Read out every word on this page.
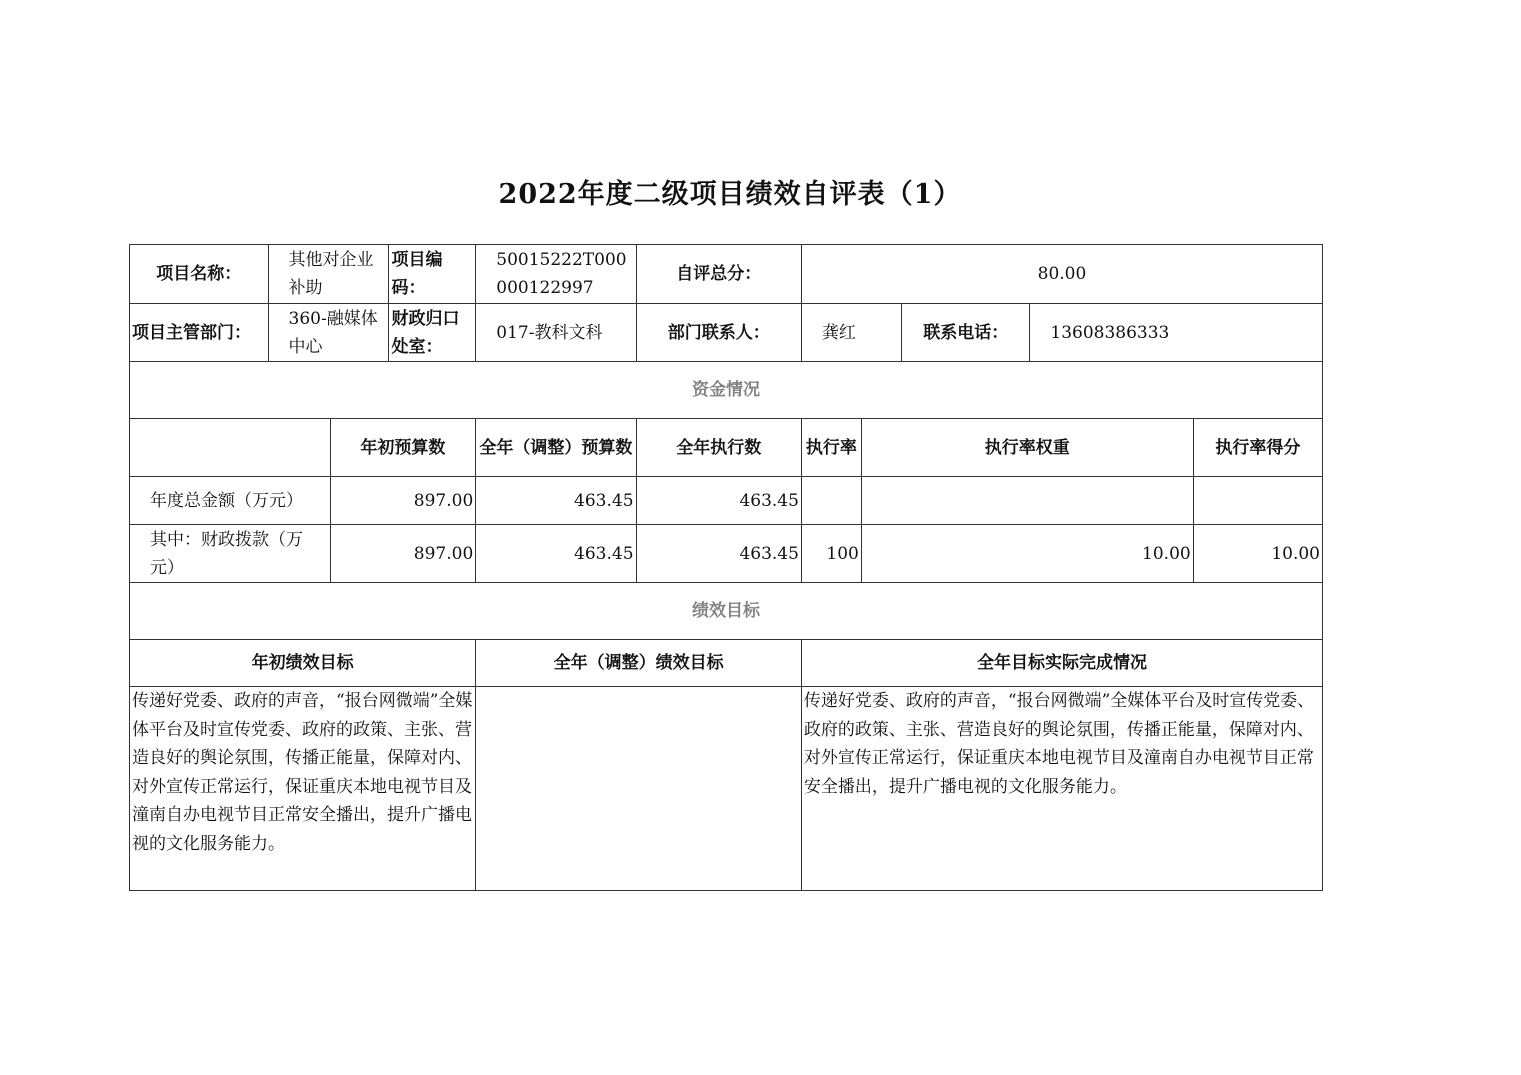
2022年度二级项目绩效自评表（1）
项目名称：	其他对企业补助		项目编码：	50015222T000000122997	自评总分：	80.00				
项目主管部门：	360-融媒体中心		财政归口处室：	017-教科文科	部门联系人：	龚红		联系电话：	13608386333	
资金情况										
		年初预算数		全年（调整）预算数	全年执行数	执行率	执行率权重			执行率得分
年度总金额（万元）		897.00		463.45	463.45					
其中：财政拨款（万元）		897.00		463.45	463.45	100	10.00			10.00
绩效目标										
年初绩效目标				全年（调整）绩效目标		全年目标实际完成情况				
传递好党委、政府的声音，“报台网微端”全媒体平台及时宣传党委、政府的政策、主张、营造良好的舆论氛围，传播正能量，保障对内、对外宣传正常运行，保证重庆本地电视节目及潼南自办电视节目正常安全播出，提升广播电视的文化服务能力。						传递好党委、政府的声音，“报台网微端”全媒体平台及时宣传党委、政府的政策、主张、营造良好的舆论氛围，传播正能量，保障对内、对外宣传正常运行，保证重庆本地电视节目及潼南自办电视节目正常安全播出，提升广播电视的文化服务能力。				
